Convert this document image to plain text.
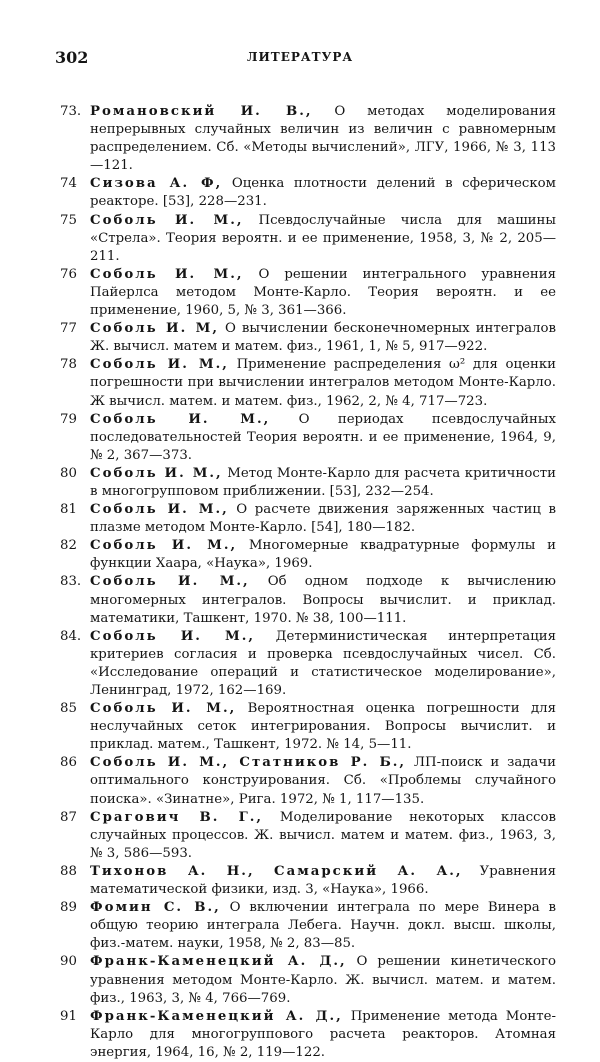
302	ЛИТЕРАТУРА
73. Романовский И. В., О методах моделирования непрерывных случайных величин из величин с равномерным распределением. Сб. «Методы вычислений», ЛГУ, 1966, № 3, 113—121.
74 Сизова А. Ф, Оценка плотности делений в сферическом реакторе. [53], 228—231.
75 Соболь И. М., Псевдослучайные числа для машины «Стрела». Теория вероятн. и ее применение, 1958, 3, № 2, 205—211.
76 Соболь И. М., О решении интегрального уравнения Пайерлса методом Монте-Карло. Теория вероятн. и ее применение, 1960, 5, № 3, 361—366.
77 Соболь И. М, О вычислении бесконечномерных интегралов Ж. вычисл. матем и матем. физ., 1961, 1, № 5, 917—922.
78 Соболь И. М., Применение распределения ω² для оценки погрешности при вычислении интегралов методом Монте-Карло. Ж вычисл. матем. и матем. физ., 1962, 2, № 4, 717—723.
79 Соболь И. М., О периодах псевдослучайных последовательностей Теория вероятн. и ее применение, 1964, 9, № 2, 367—373.
80 Соболь И. М., Метод Монте-Карло для расчета критичности в многогрупповом приближении. [53], 232—254.
81 Соболь И. М., О расчете движения заряженных частиц в плазме методом Монте-Карло. [54], 180—182.
82 Соболь И. М., Многомерные квадратурные формулы и функции Хаара, «Наука», 1969.
83. Соболь И. М., Об одном подходе к вычислению многомерных интегралов. Вопросы вычислит. и приклад. математики, Ташкент, 1970. № 38, 100—111.
84. Соболь И. М., Детерминистическая интерпретация критериев согласия и проверка псевдослучайных чисел. Сб. «Исследование операций и статистическое моделирование», Ленинград, 1972, 162—169.
85 Соболь И. М., Вероятностная оценка погрешности для неслучайных сеток интегрирования. Вопросы вычислит. и приклад. матем., Ташкент, 1972. № 14, 5—11.
86 Соболь И. М., Статников Р. Б., ЛП-поиск и задачи оптимального конструирования. Сб. «Проблемы случайного поиска». «Зинатне», Рига. 1972, № 1, 117—135.
87 Срагович В. Г., Моделирование некоторых классов случайных процессов. Ж. вычисл. матем и матем. физ., 1963, 3, № 3, 586—593.
88 Тихонов А. Н., Самарский А. А., Уравнения математической физики, изд. 3, «Наука», 1966.
89 Фомин С. В., О включении интеграла по мере Винера в общую теорию интеграла Лебега. Научн. докл. высш. школы, физ.-матем. науки, 1958, № 2, 83—85.
90 Франк-Каменецкий А. Д., О решении кинетического уравнения методом Монте-Карло. Ж. вычисл. матем. и матем. физ., 1963, 3, № 4, 766—769.
91 Франк-Каменецкий А. Д., Применение метода Монте-Карло для многогруппового расчета реакторов. Атомная энергия, 1964, 16, № 2, 119—122.
